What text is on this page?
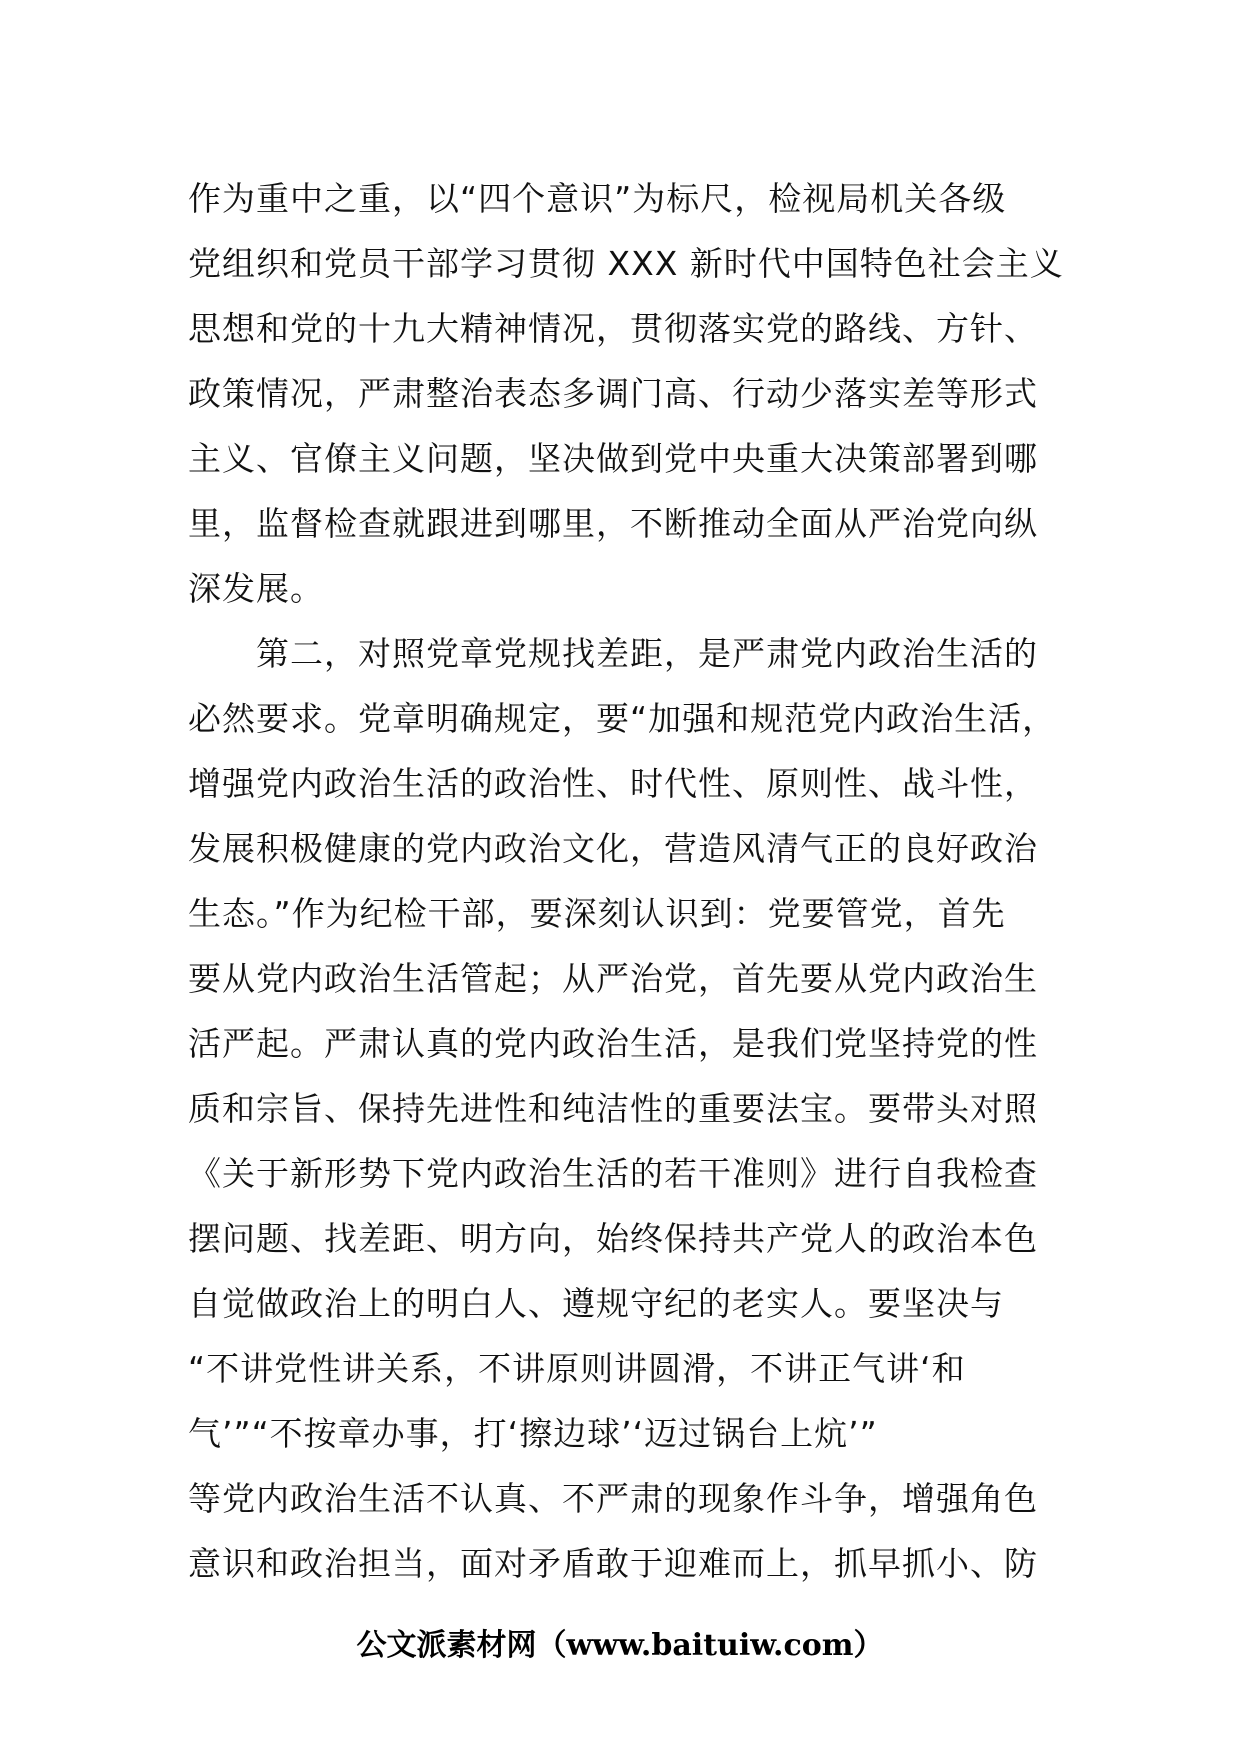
作为重中之重，以“四个意识”为标尺，检视局机关各级
党组织和党员干部学习贯彻 XXX 新时代中国特色社会主义
思想和党的十九大精神情况，贯彻落实党的路线、方针、
政策情况，严肃整治表态多调门高、行动少落实差等形式
主义、官僚主义问题，坚决做到党中央重大决策部署到哪
里，监督检查就跟进到哪里，不断推动全面从严治党向纵
深发展。
　　第二，对照党章党规找差距，是严肃党内政治生活的
必然要求。党章明确规定，要“加强和规范党内政治生活，
增强党内政治生活的政治性、时代性、原则性、战斗性，
发展积极健康的党内政治文化，营造风清气正的良好政治
生态。”作为纪检干部，要深刻认识到：党要管党，首先
要从党内政治生活管起；从严治党，首先要从党内政治生
活严起。严肃认真的党内政治生活，是我们党坚持党的性
质和宗旨、保持先进性和纯洁性的重要法宝。要带头对照
《关于新形势下党内政治生活的若干准则》进行自我检查
摆问题、找差距、明方向，始终保持共产党人的政治本色
自觉做政治上的明白人、遵规守纪的老实人。要坚决与
“不讲党性讲关系，不讲原则讲圆滑，不讲正气讲‘和
气’”“不按章办事，打‘擦边球’‘迈过锅台上炕’”
等党内政治生活不认真、不严肃的现象作斗争，增强角色
意识和政治担当，面对矛盾敢于迎难而上，抓早抓小、防
公文派素材网（www.baituiw.com）
